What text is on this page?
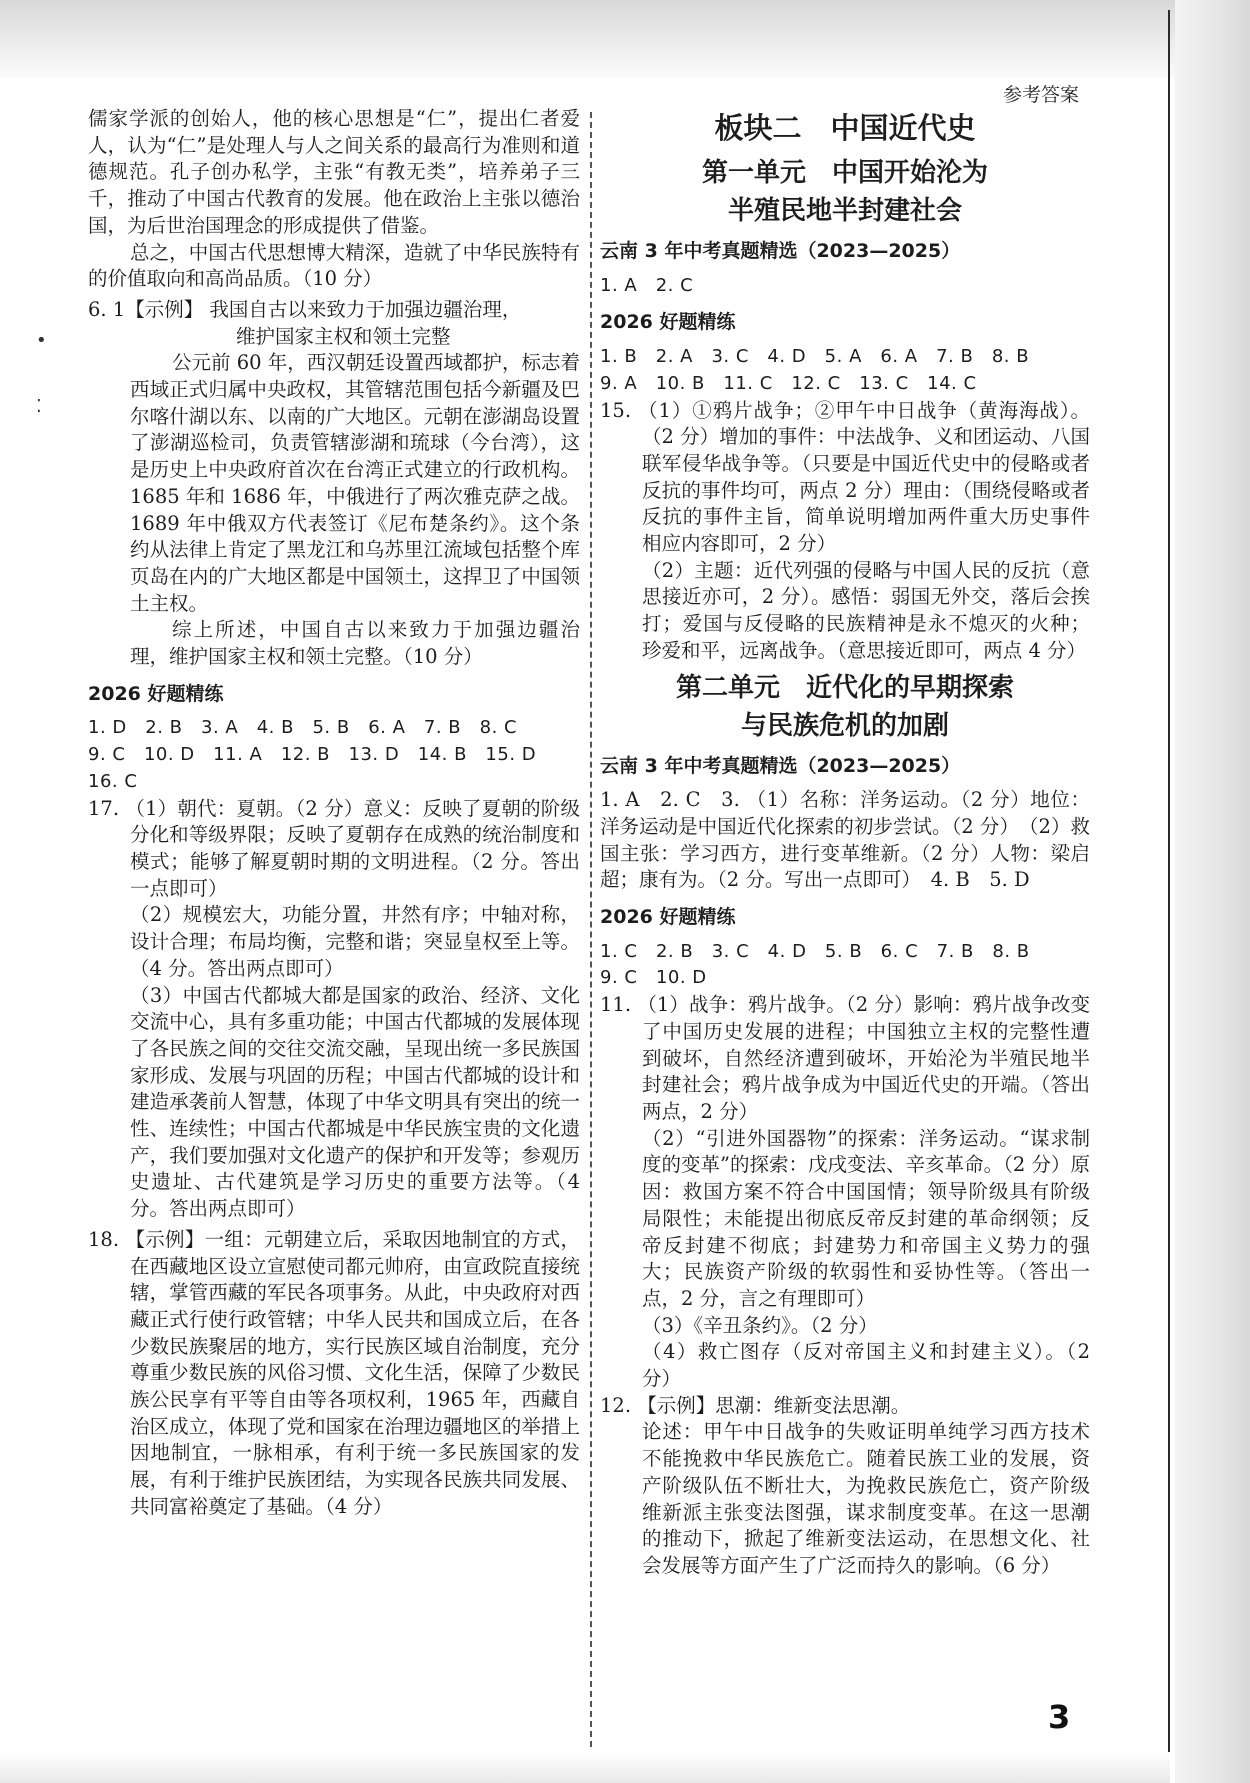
参考答案
•
⁚
儒家学派的创始人，他的核心思想是“仁”，提出仁者爱人，认为“仁”是处理人与人之间关系的最高行为准则和道德规范。孔子创办私学，主张“有教无类”，培养弟子三千，推动了中国古代教育的发展。他在政治上主张以德治国，为后世治国理念的形成提供了借鉴。
总之，中国古代思想博大精深，造就了中华民族特有的价值取向和高尚品质。（10 分）
6. 1【示例】 我国自古以来致力于加强边疆治理，
维护国家主权和领土完整
公元前 60 年，西汉朝廷设置西域都护，标志着西域正式归属中央政权，其管辖范围包括今新疆及巴尔喀什湖以东、以南的广大地区。元朝在澎湖岛设置了澎湖巡检司，负责管辖澎湖和琉球（今台湾），这是历史上中央政府首次在台湾正式建立的行政机构。1685 年和 1686 年，中俄进行了两次雅克萨之战。1689 年中俄双方代表签订《尼布楚条约》。这个条约从法律上肯定了黑龙江和乌苏里江流域包括整个库页岛在内的广大地区都是中国领土，这捍卫了中国领土主权。
综上所述，中国自古以来致力于加强边疆治理，维护国家主权和领土完整。（10 分）
2026 好题精练
1. D　2. B　3. A　4. B　5. B　6. A　7. B　8. C
9. C　10. D　11. A　12. B　13. D　14. B　15. D
16. C
17. （1）朝代：夏朝。（2 分）意义：反映了夏朝的阶级分化和等级界限；反映了夏朝存在成熟的统治制度和模式；能够了解夏朝时期的文明进程。（2 分。答出一点即可）
（2）规模宏大，功能分置，井然有序；中轴对称，设计合理；布局均衡，完整和谐；突显皇权至上等。（4 分。答出两点即可）
（3）中国古代都城大都是国家的政治、经济、文化交流中心，具有多重功能；中国古代都城的发展体现了各民族之间的交往交流交融，呈现出统一多民族国家形成、发展与巩固的历程；中国古代都城的设计和建造承袭前人智慧，体现了中华文明具有突出的统一性、连续性；中国古代都城是中华民族宝贵的文化遗产，我们要加强对文化遗产的保护和开发等；参观历史遗址、古代建筑是学习历史的重要方法等。（4 分。答出两点即可）
18. 【示例】一组：元朝建立后，采取因地制宜的方式，在西藏地区设立宣慰使司都元帅府，由宣政院直接统辖，掌管西藏的军民各项事务。从此，中央政府对西藏正式行使行政管辖；中华人民共和国成立后，在各少数民族聚居的地方，实行民族区域自治制度，充分尊重少数民族的风俗习惯、文化生活，保障了少数民族公民享有平等自由等各项权利，1965 年，西藏自治区成立，体现了党和国家在治理边疆地区的举措上因地制宜，一脉相承，有利于统一多民族国家的发展，有利于维护民族团结，为实现各民族共同发展、共同富裕奠定了基础。（4 分）
板块二　中国近代史
第一单元　中国开始沦为
半殖民地半封建社会
云南 3 年中考真题精选（2023—2025）
1. A　2. C
2026 好题精练
1. B　2. A　3. C　4. D　5. A　6. A　7. B　8. B
9. A　10. B　11. C　12. C　13. C　14. C
15. （1）①鸦片战争；②甲午中日战争（黄海海战）。（2 分）增加的事件：中法战争、义和团运动、八国联军侵华战争等。（只要是中国近代史中的侵略或者反抗的事件均可，两点 2 分）理由：（围绕侵略或者反抗的事件主旨，简单说明增加两件重大历史事件相应内容即可，2 分）
（2）主题：近代列强的侵略与中国人民的反抗（意思接近亦可，2 分）。感悟：弱国无外交，落后会挨打；爱国与反侵略的民族精神是永不熄灭的火种；珍爱和平，远离战争。（意思接近即可，两点 4 分）
第二单元　近代化的早期探索
与民族危机的加剧
云南 3 年中考真题精选（2023—2025）
1. A　2. C　3. （1）名称：洋务运动。（2 分）地位：洋务运动是中国近代化探索的初步尝试。（2 分）　（2）救国主张：学习西方，进行变革维新。（2 分）人物：梁启超；康有为。（2 分。写出一点即可）　4. B　5. D
2026 好题精练
1. C　2. B　3. C　4. D　5. B　6. C　7. B　8. B
9. C　10. D
11. （1）战争：鸦片战争。（2 分）影响：鸦片战争改变了中国历史发展的进程；中国独立主权的完整性遭到破坏，自然经济遭到破坏，开始沦为半殖民地半封建社会；鸦片战争成为中国近代史的开端。（答出两点，2 分）
（2）“引进外国器物”的探索：洋务运动。“谋求制度的变革”的探索：戊戌变法、辛亥革命。（2 分）原因：救国方案不符合中国国情；领导阶级具有阶级局限性；未能提出彻底反帝反封建的革命纲领；反帝反封建不彻底；封建势力和帝国主义势力的强大；民族资产阶级的软弱性和妥协性等。（答出一点，2 分，言之有理即可）
（3）《辛丑条约》。（2 分）
（4）救亡图存（反对帝国主义和封建主义）。（2 分）
12. 【示例】思潮：维新变法思潮。
论述：甲午中日战争的失败证明单纯学习西方技术不能挽救中华民族危亡。随着民族工业的发展，资产阶级队伍不断壮大，为挽救民族危亡，资产阶级维新派主张变法图强，谋求制度变革。在这一思潮的推动下，掀起了维新变法运动，在思想文化、社会发展等方面产生了广泛而持久的影响。（6 分）
3
